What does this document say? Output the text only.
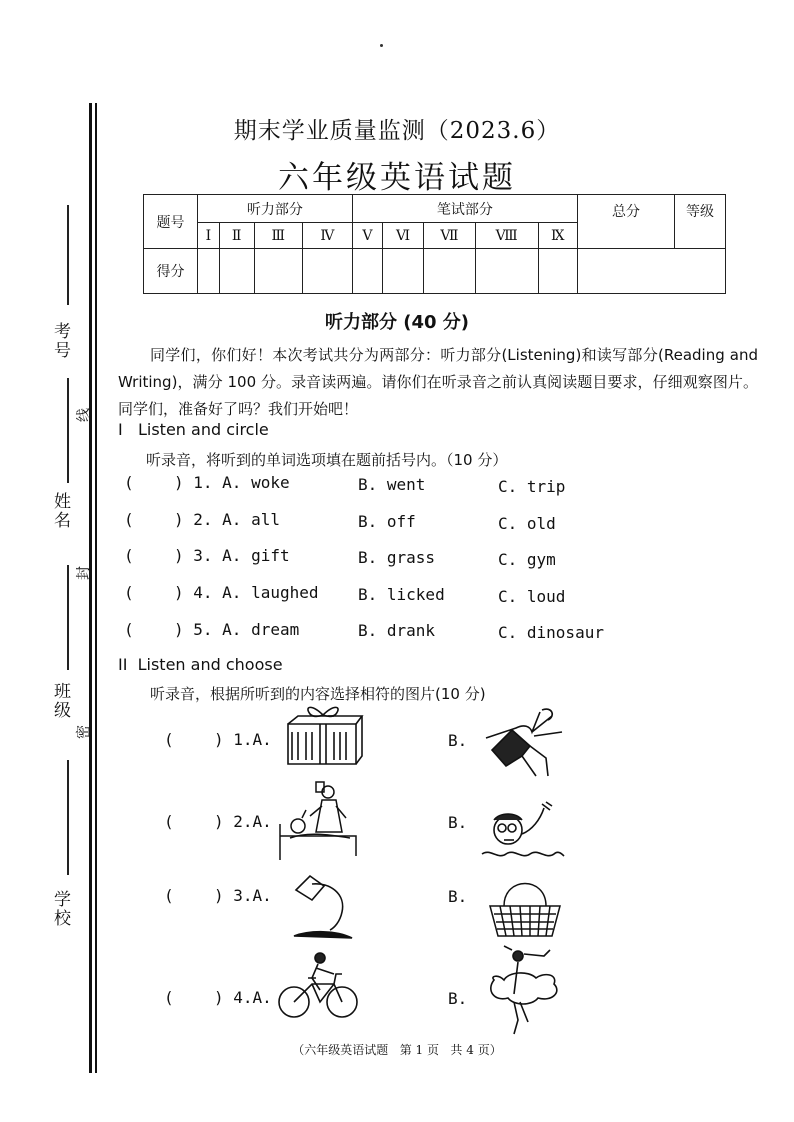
考号
姓名
班级
学校
线
封
密
期末学业质量监测（2023.6）
六年级英语试题
题号	听力部分				笔试部分					总分	等级
	Ⅰ	Ⅱ	Ⅲ	Ⅳ	Ⅴ	Ⅵ	Ⅶ	Ⅷ	Ⅸ		
得分											
听力部分 (40 分)
同学们，你们好！本次考试共分为两部分：听力部分(Listening)和读写部分(Reading and Writing)，满分 100 分。录音读两遍。请你们在听录音之前认真阅读题目要求，仔细观察图片。同学们，准备好了吗？我们开始吧！
I   Listen and circle
听录音，将听到的单词选项填在题前括号内。（10 分）
(	) 1. A. woke	B. went	C. trip
(	) 2. A. all	B. off	C. old
(	) 3. A. gift	B. grass	C. gym
(	) 4. A. laughed B. licked	C. loud
(	) 5. A. dream	B. drank	C. dinosaur
II  Listen and choose
听录音，根据所听到的内容选择相符的图片(10 分)
(	) 1.A.	B.
(	) 2.A.	B.
(	) 3.A.	B.
(	) 4.A.	B.
（六年级英语试题   第 1 页   共 4 页）
